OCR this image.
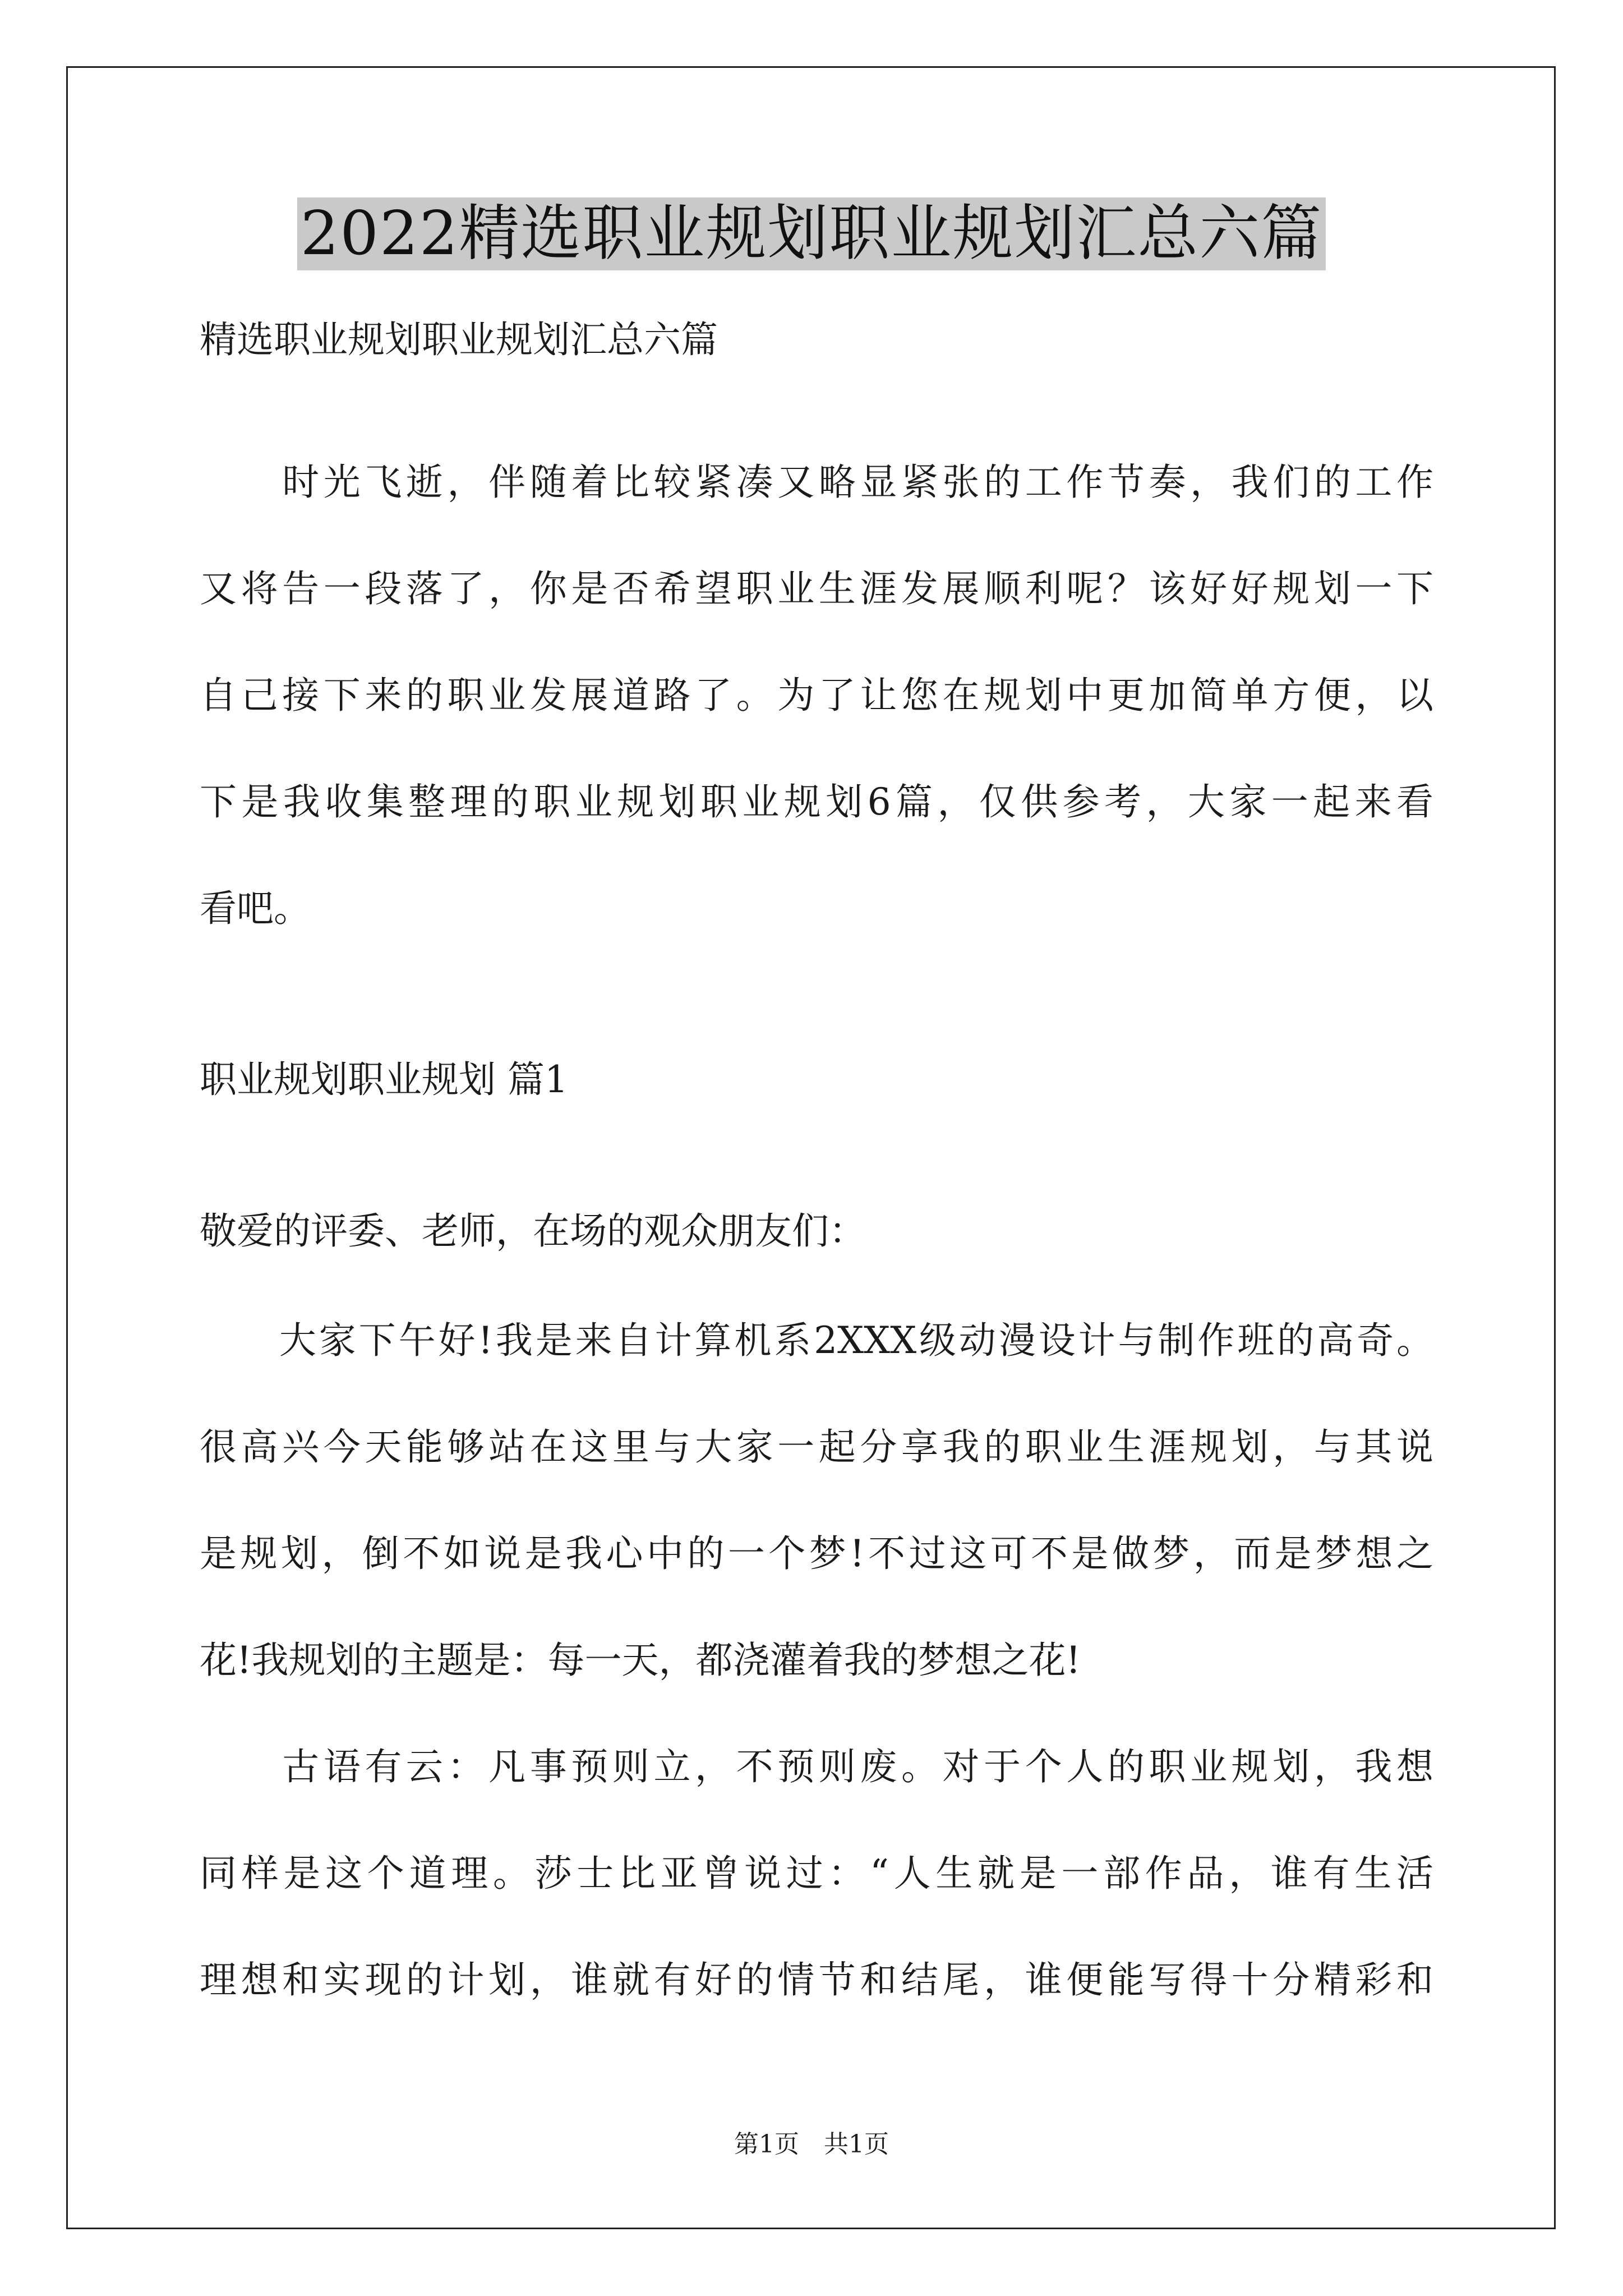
2022精选职业规划职业规划汇总六篇
精选职业规划职业规划汇总六篇
　　时光飞逝，伴随着比较紧凑又略显紧张的工作节奏，我们的工作
又将告一段落了，你是否希望职业生涯发展顺利呢？该好好规划一下
自己接下来的职业发展道路了。为了让您在规划中更加简单方便，以
下是我收集整理的职业规划职业规划6篇，仅供参考，大家一起来看
看吧。
职业规划职业规划 篇1
敬爱的评委、老师，在场的观众朋友们：
　　大家下午好!我是来自计算机系2XXX级动漫设计与制作班的高奇。
很高兴今天能够站在这里与大家一起分享我的职业生涯规划，与其说
是规划，倒不如说是我心中的一个梦!不过这可不是做梦，而是梦想之
花!我规划的主题是：每一天，都浇灌着我的梦想之花!
　　古语有云：凡事预则立，不预则废。对于个人的职业规划，我想
同样是这个道理。莎士比亚曾说过：“人生就是一部作品，谁有生活
理想和实现的计划，谁就有好的情节和结尾，谁便能写得十分精彩和
第1页　共1页
